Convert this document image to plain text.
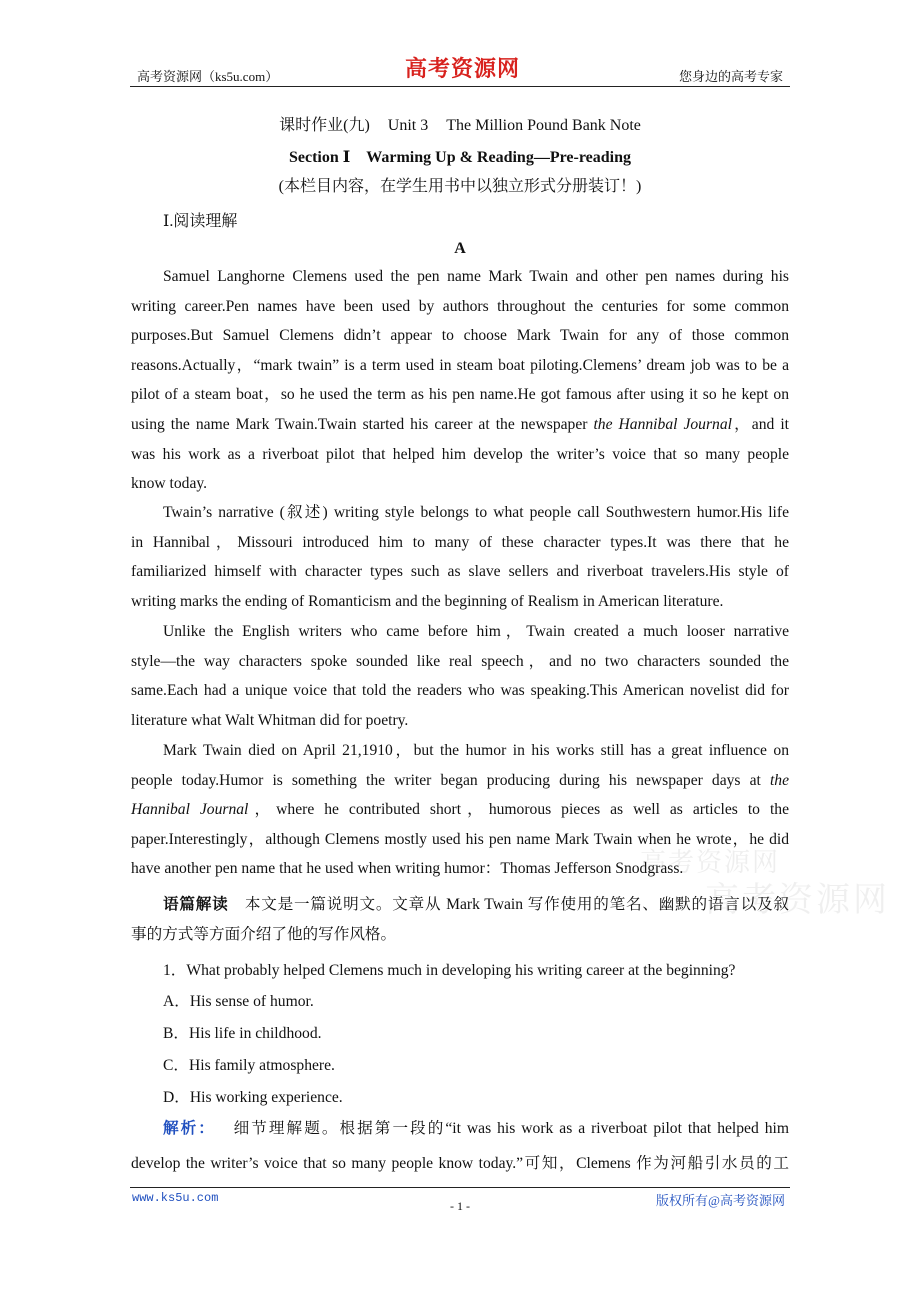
高考资源网（ks5u.com）	高考资源网	您身边的高考专家
课时作业(九) Unit 3 The Million Pound Bank Note
Section Ⅰ　Warming Up & Reading—Pre-reading
(本栏目内容，在学生用书中以独立形式分册装订！)
Ⅰ.阅读理解
A
Samuel Langhorne Clemens used the pen name Mark Twain and other pen names during his
writing career.Pen names have been used by authors throughout the centuries for some common
purposes.But Samuel Clemens didn’t appear to choose Mark Twain for any of those common
reasons.Actually，“mark twain” is a term used in steam boat piloting.Clemens’ dream job was to be a
pilot of a steam boat，so he used the term as his pen name.He got famous after using it so he kept on
using the name Mark Twain.Twain started his career at the newspaper the Hannibal Journal，and it
was his work as a riverboat pilot that helped him develop the writer’s voice that so many people
know today.
Twain’s narrative (叙述) writing style belongs to what people call Southwestern humor.His life
in Hannibal，Missouri introduced him to many of these character types.It was there that he
familiarized himself with character types such as slave sellers and riverboat travelers.His style of
writing marks the ending of Romanticism and the beginning of Realism in American literature.
Unlike the English writers who came before him，Twain created a much looser narrative
style—the way characters spoke sounded like real speech，and no two characters sounded the
same.Each had a unique voice that told the readers who was speaking.This American novelist did for
literature what Walt Whitman did for poetry.
Mark Twain died on April 21,1910，but the humor in his works still has a great influence on
people today.Humor is something the writer began producing during his newspaper days at the
Hannibal Journal，where he contributed short，humorous pieces as well as articles to the
paper.Interestingly，although Clemens mostly used his pen name Mark Twain when he wrote，he did
have another pen name that he used when writing humor：Thomas Jefferson Snodgrass.
高考资源网
高考资源网
语篇解读  本文是一篇说明文。文章从 Mark Twain 写作使用的笔名、幽默的语言以及叙
事的方式等方面介绍了他的写作风格。
1．What probably helped Clemens much in developing his writing career at the beginning?
A．His sense of humor.
B．His life in childhood.
C．His family atmosphere.
D．His working experience.
解析：  细节理解题。根据第一段的“it was his work as a riverboat pilot that helped him
develop the writer’s voice that so many people know today.”可知，Clemens 作为河船引水员的工
www.ks5u.com
- 1 -	版权所有@高考资源网
